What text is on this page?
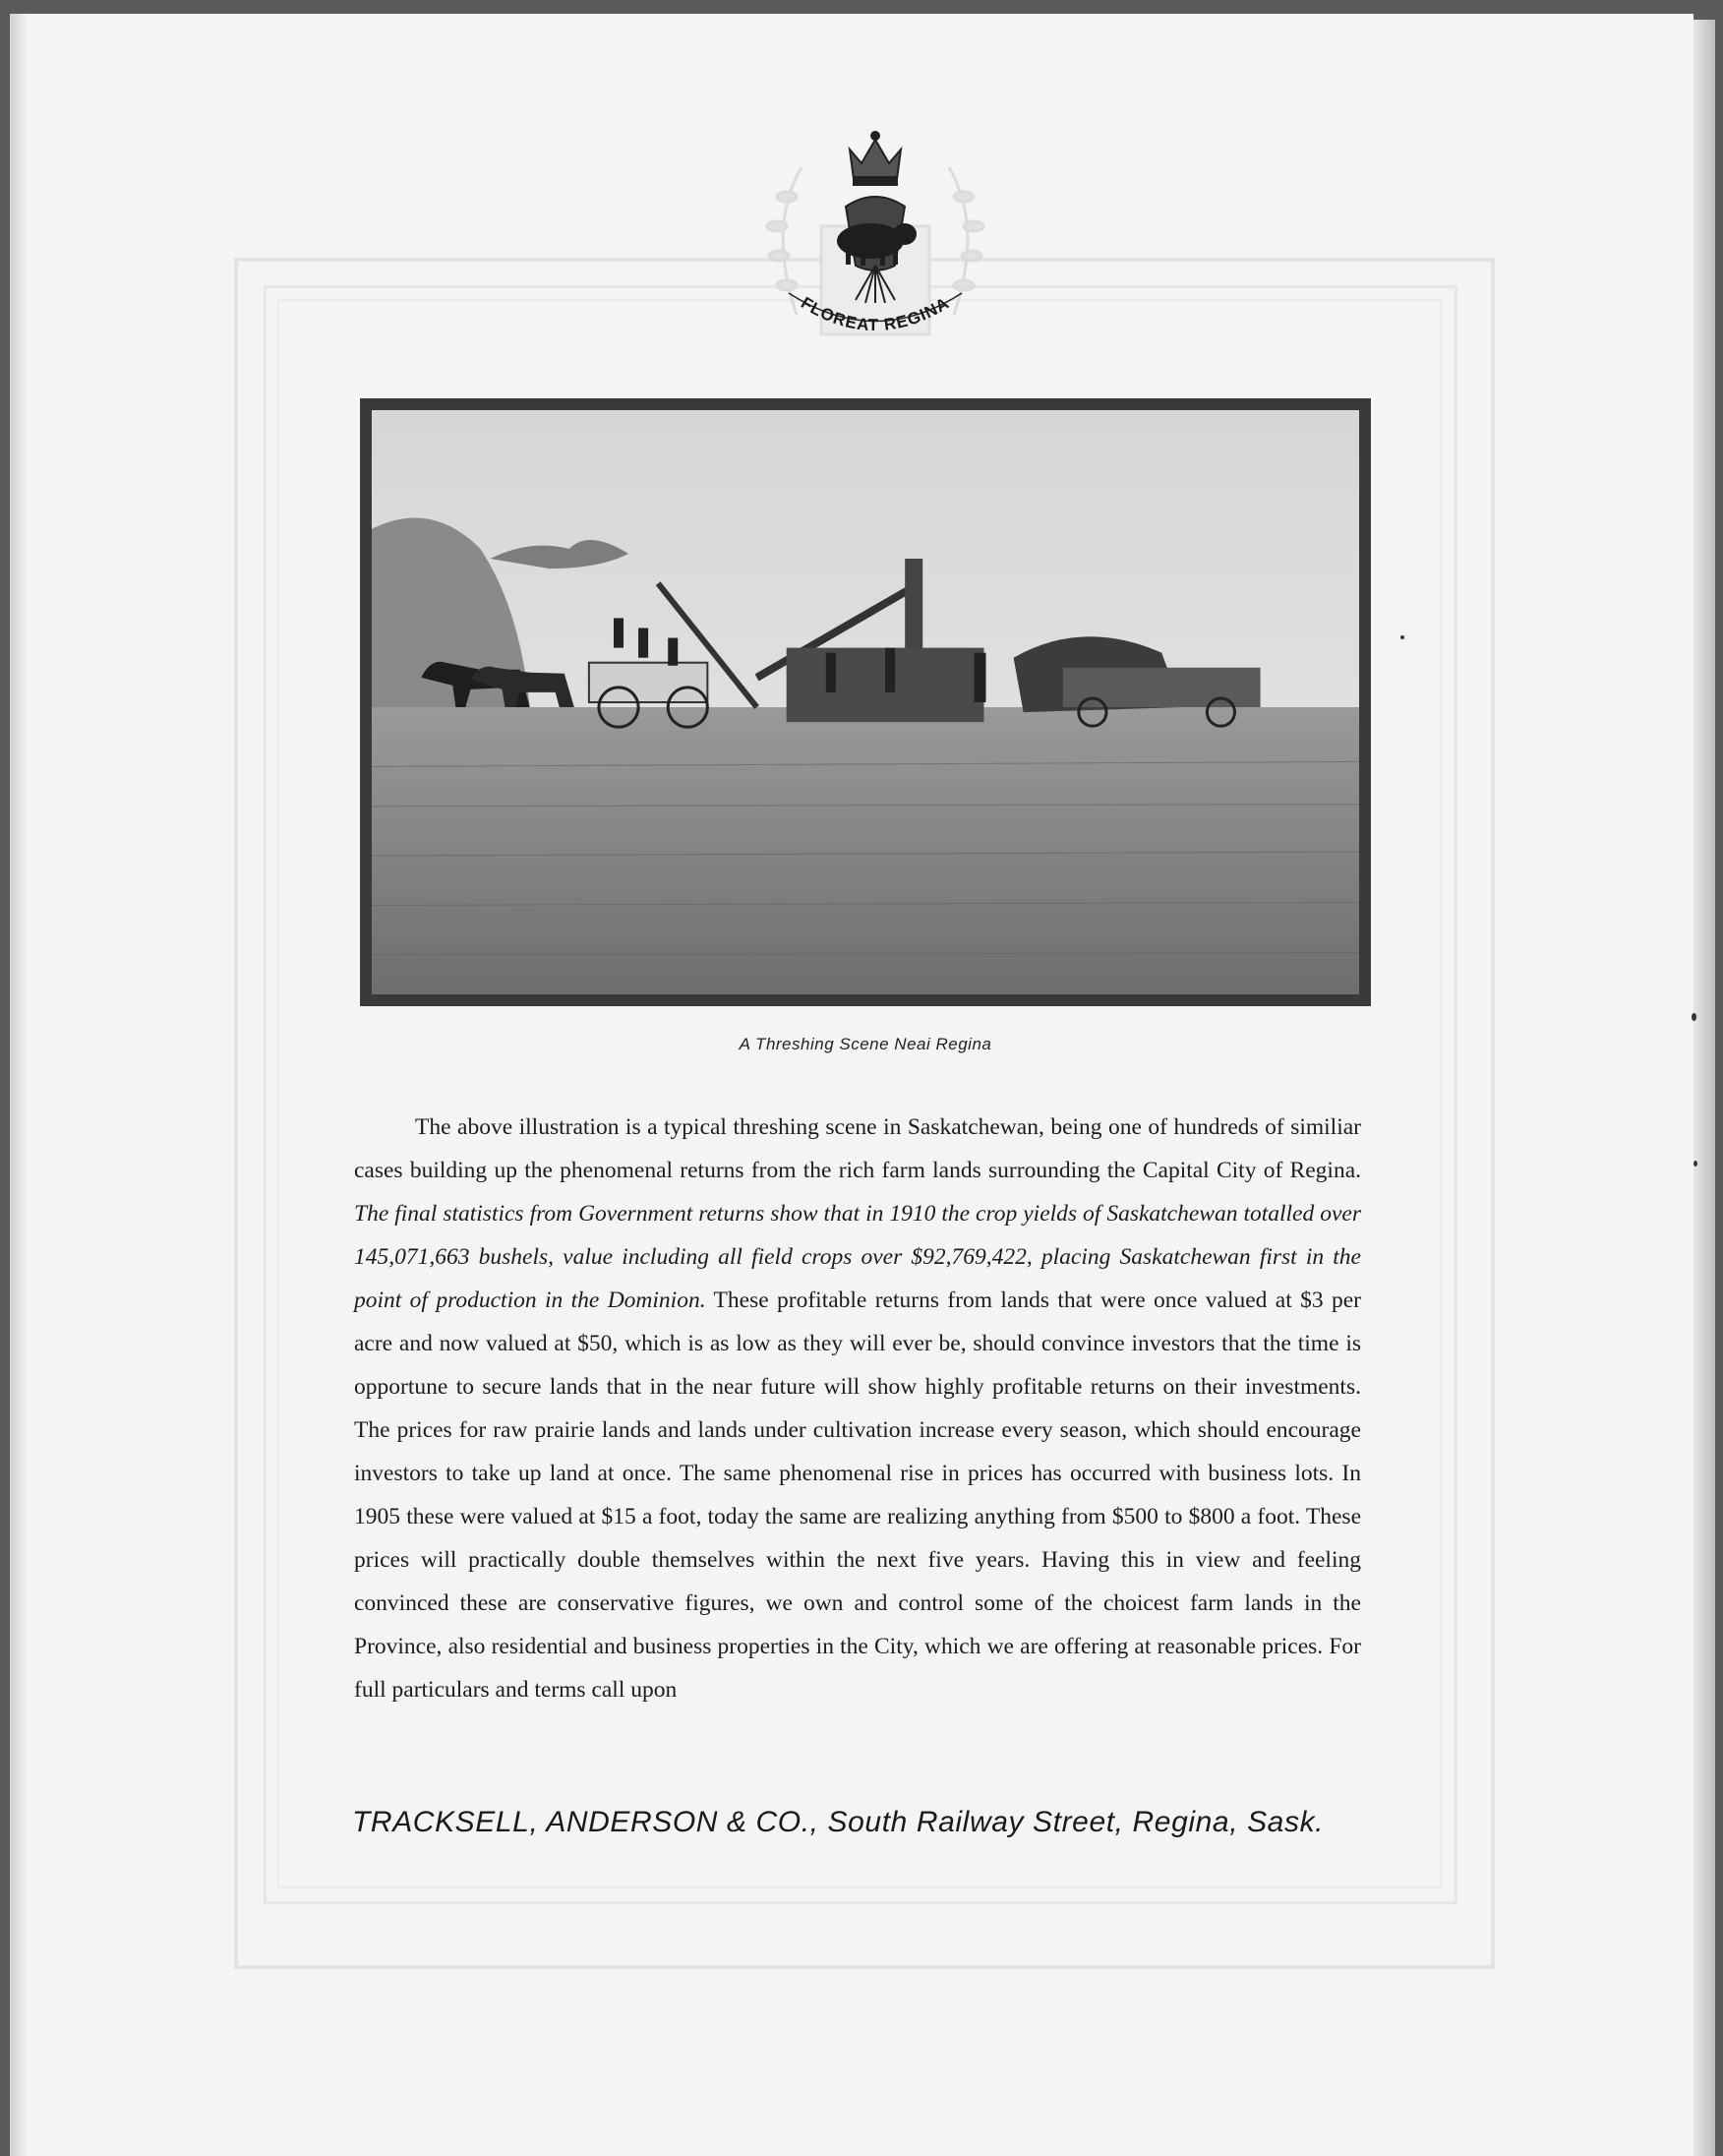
FLOREAT REGINA
A Threshing Scene Neai Regina

The above illustration is a typical threshing scene in Saskatchewan, being one of hundreds of similiar cases building up the phenomenal returns from the rich farm lands surrounding the Capital City of Regina. The final statistics from Government returns show that in 1910 the crop yields of Saskatchewan totalled over 145,071,663 bushels, value including all field crops over $92,769,422, placing Saskatchewan first in the point of production in the Dominion. These profitable returns from lands that were once valued at $3 per acre and now valued at $50, which is as low as they will ever be, should convince investors that the time is opportune to secure lands that in the near future will show highly profitable returns on their investments. The prices for raw prairie lands and lands under cultivation increase every season, which should encourage investors to take up land at once. The same phenomenal rise in prices has occurred with business lots. In 1905 these were valued at $15 a foot, today the same are realizing anything from $500 to $800 a foot. These prices will practically double themselves within the next five years. Having this in view and feeling convinced these are conservative figures, we own and control some of the choicest farm lands in the Province, also residential and business properties in the City, which we are offering at reasonable prices. For full particulars and terms call upon

TRACKSELL, ANDERSON & CO., South Railway Street, Regina, Sask.
